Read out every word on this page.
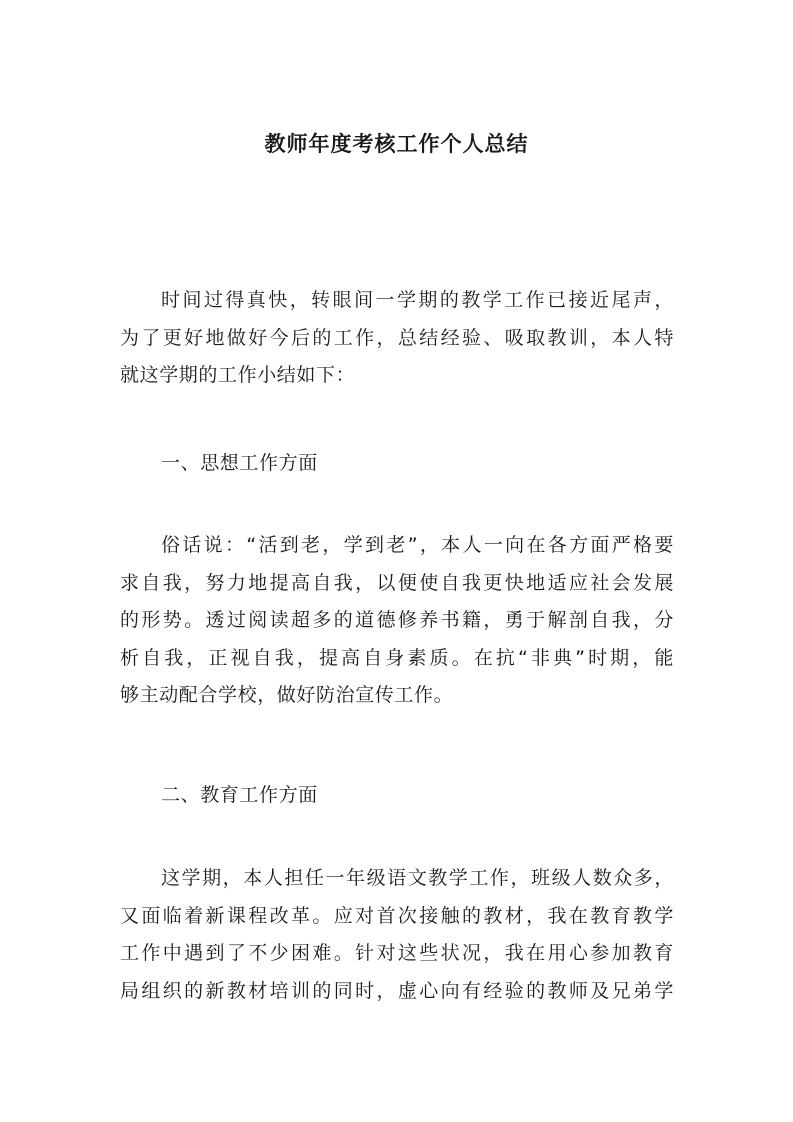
教师年度考核工作个人总结
时间过得真快，转眼间一学期的教学工作已接近尾声，
为了更好地做好今后的工作，总结经验、吸取教训，本人特
就这学期的工作小结如下：
一、思想工作方面
俗话说：“活到老，学到老”，本人一向在各方面严格要
求自我，努力地提高自我，以便使自我更快地适应社会发展
的形势。透过阅读超多的道德修养书籍，勇于解剖自我，分
析自我，正视自我，提高自身素质。在抗“非典”时期，能
够主动配合学校，做好防治宣传工作。
二、教育工作方面
这学期，本人担任一年级语文教学工作，班级人数众多，
又面临着新课程改革。应对首次接触的教材，我在教育教学
工作中遇到了不少困难。针对这些状况，我在用心参加教育
局组织的新教材培训的同时，虚心向有经验的教师及兄弟学
